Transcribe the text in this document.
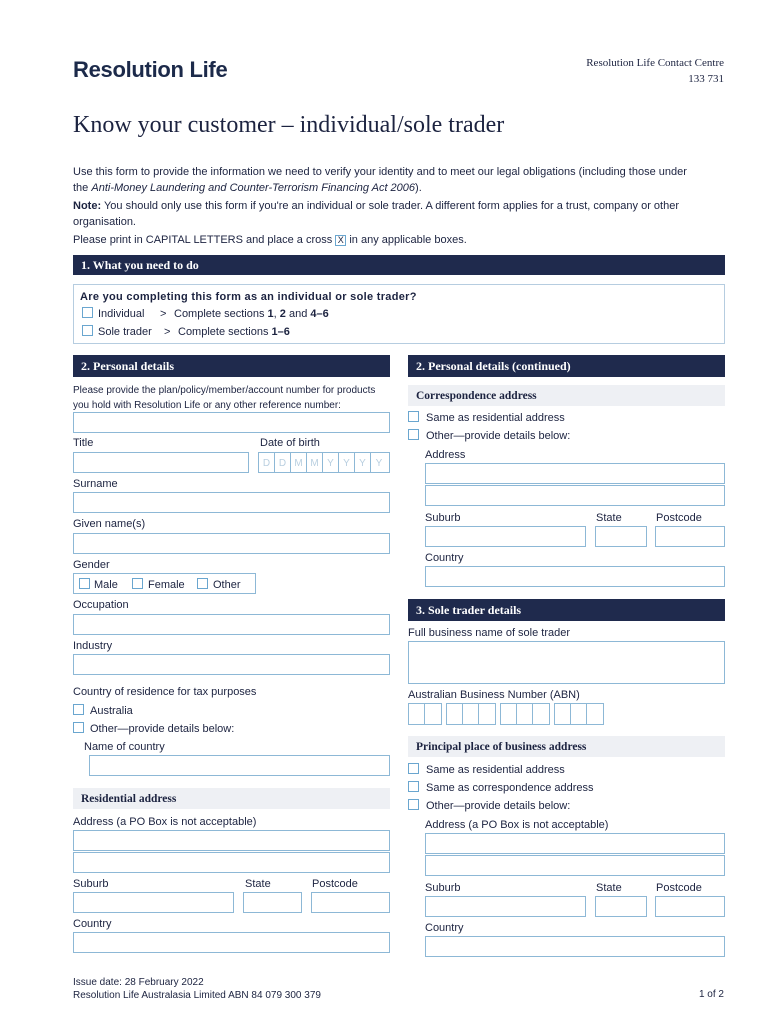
Resolution Life	Resolution Life Contact Centre
133 731
Know your customer – individual/sole trader
Use this form to provide the information we need to verify your identity and to meet our legal obligations (including those under the Anti-Money Laundering and Counter-Terrorism Financing Act 2006).
Note: You should only use this form if you're an individual or sole trader. A different form applies for a trust, company or other organisation.
Please print in CAPITAL LETTERS and place a cross X in any applicable boxes.
1. What you need to do
Are you completing this form as an individual or sole trader?
Individual > Complete sections 1, 2 and 4–6
Sole trader > Complete sections 1–6
2. Personal details
Please provide the plan/policy/member/account number for products
you hold with Resolution Life or any other reference number:
Title	Date of birth
D D M M Y Y Y Y
Surname
Given name(s)
Gender
Male	Female	Other
Occupation
Industry
Country of residence for tax purposes
Australia
Other—provide details below:
Name of country
Residential address
Address (a PO Box is not acceptable)
Suburb	State	Postcode
Country
2. Personal details (continued)
Correspondence address
Same as residential address
Other—provide details below:
Address
Suburb	State	Postcode
Country
3. Sole trader details
Full business name of sole trader
Australian Business Number (ABN)
Principal place of business address
Same as residential address
Same as correspondence address
Other—provide details below:
Address (a PO Box is not acceptable)
Suburb	State	Postcode
Country
Issue date: 28 February 2022
Resolution Life Australasia Limited ABN 84 079 300 379	1 of 2
